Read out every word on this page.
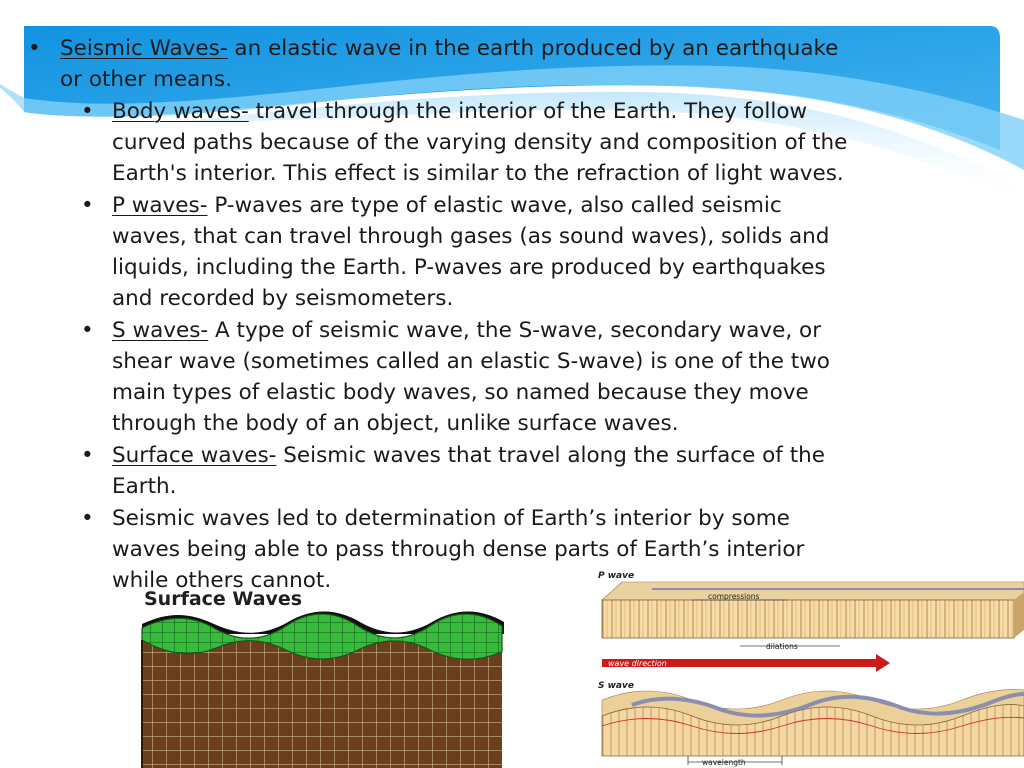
• Seismic Waves- an elastic wave in the earth produced by an earthquake or other means.
• Body waves- travel through the interior of the Earth. They follow curved paths because of the varying density and composition of the Earth's interior. This effect is similar to the refraction of light waves.
• P waves- P-waves are type of elastic wave, also called seismic waves, that can travel through gases (as sound waves), solids and liquids, including the Earth. P-waves are produced by earthquakes and recorded by seismometers.
• S waves- A type of seismic wave, the S-wave, secondary wave, or shear wave (sometimes called an elastic S-wave) is one of the two main types of elastic body waves, so named because they move through the body of an object, unlike surface waves.
• Surface waves- Seismic waves that travel along the surface of the Earth.
• Seismic waves led to determination of Earth’s interior by some waves being able to pass through dense parts of Earth’s interior while others cannot.
Surface Waves
P wave
compressions
dilations
wave direction
S wave
wavelength
